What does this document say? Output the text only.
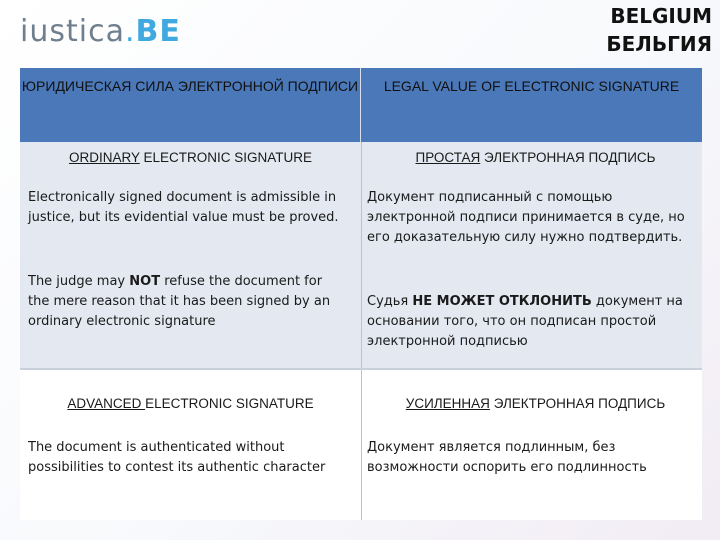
iustica . BE	BELGIUM
БЕЛЬГИЯ
ЮРИДИЧЕСКАЯ СИЛА ЭЛЕКТРОННОЙ ПОДПИСИ	LEGAL VALUE OF ELECTRONIC SIGNATURE
ORDINARY ELECTRONIC SIGNATURE
Electronically signed document is admissible in justice, but its evidential value must be proved.
The judge may NOT refuse the document for the mere reason that it has been signed by an ordinary electronic signature
ПРОСТАЯ ЭЛЕКТРОННАЯ ПОДПИСЬ
Документ подписанный с помощью электронной подписи принимается в суде, но его доказательную силу нужно подтвердить.
Судья НЕ МОЖЕТ ОТКЛОНИТЬ документ на основании того, что он подписан простой электронной подписью
ADVANCED ELECTRONIC SIGNATURE
The document is authenticated without possibilities to contest its authentic character
УСИЛЕННАЯ ЭЛЕКТРОННАЯ ПОДПИСЬ
Документ является подлинным, без возможности оспорить его подлинность
